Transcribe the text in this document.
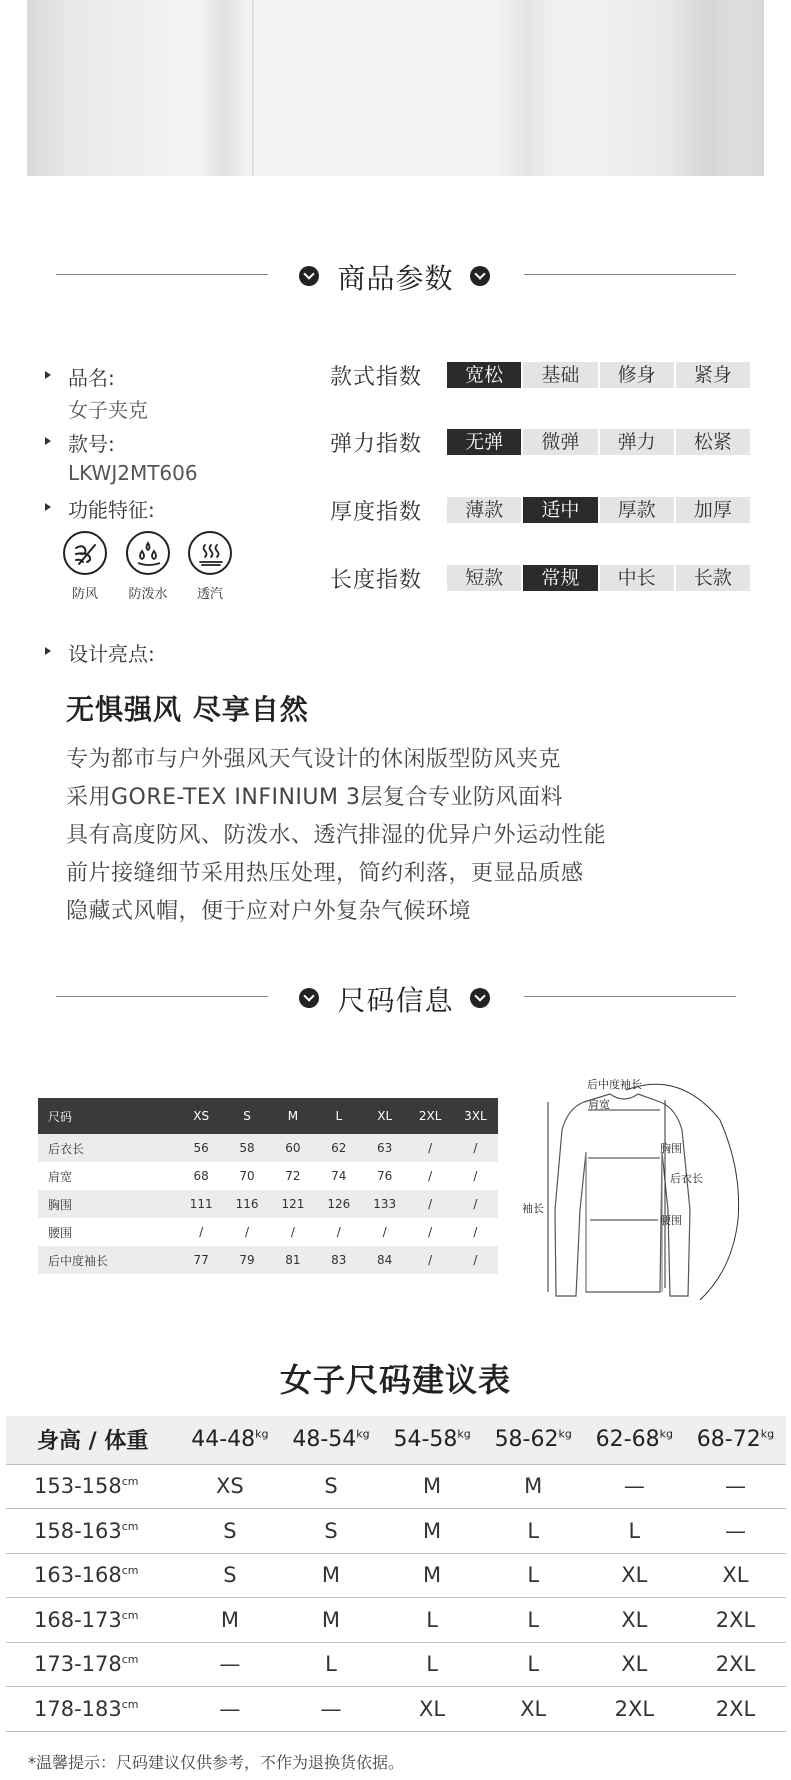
商品参数
品名:
女子夹克
款号:
LKWJ2MT606
功能特征:
防风	防泼水	透汽
设计亮点:
款式指数	宽松	基础	修身	紧身
弹力指数	无弹	微弹	弹力	松紧
厚度指数	薄款	适中	厚款	加厚
长度指数	短款	常规	中长	长款
无惧强风 尽享自然
专为都市与户外强风天气设计的休闲版型防风夹克
采用GORE-TEX INFINIUM 3层复合专业防风面料
具有高度防风、防泼水、透汽排湿的优异户外运动性能
前片接缝细节采用热压处理，简约利落，更显品质感
隐藏式风帽，便于应对户外复杂气候环境
尺码信息
尺码	XS	S	M	L	XL	2XL	3XL
后衣长	56	58	60	62	63	/	/
肩宽	68	70	72	74	76	/	/
胸围	111	116	121	126	133	/	/
腰围	/	/	/	/	/	/	/
后中度袖长	77	79	81	83	84	/	/
后中度袖长
肩宽
胸围
后衣长
袖长
腰围
女子尺码建议表
身高 / 体重	$44-48^{kg}$	$48-54^{kg}$	$54-58^{kg}$	$58-62^{kg}$	$62-68^{kg}$	$68-72^{kg}$
$153-158^{cm}$	XS	S	M	M	—	—
$158-163^{cm}$	S	S	M	L	L	—
$163-168^{cm}$	S	M	M	L	XL	XL
$168-173^{cm}$	M	M	L	L	XL	2XL
$173-178^{cm}$	—	L	L	L	XL	2XL
$178-183^{cm}$	—	—	XL	XL	2XL	2XL
*温馨提示：尺码建议仅供参考，不作为退换货依据。
